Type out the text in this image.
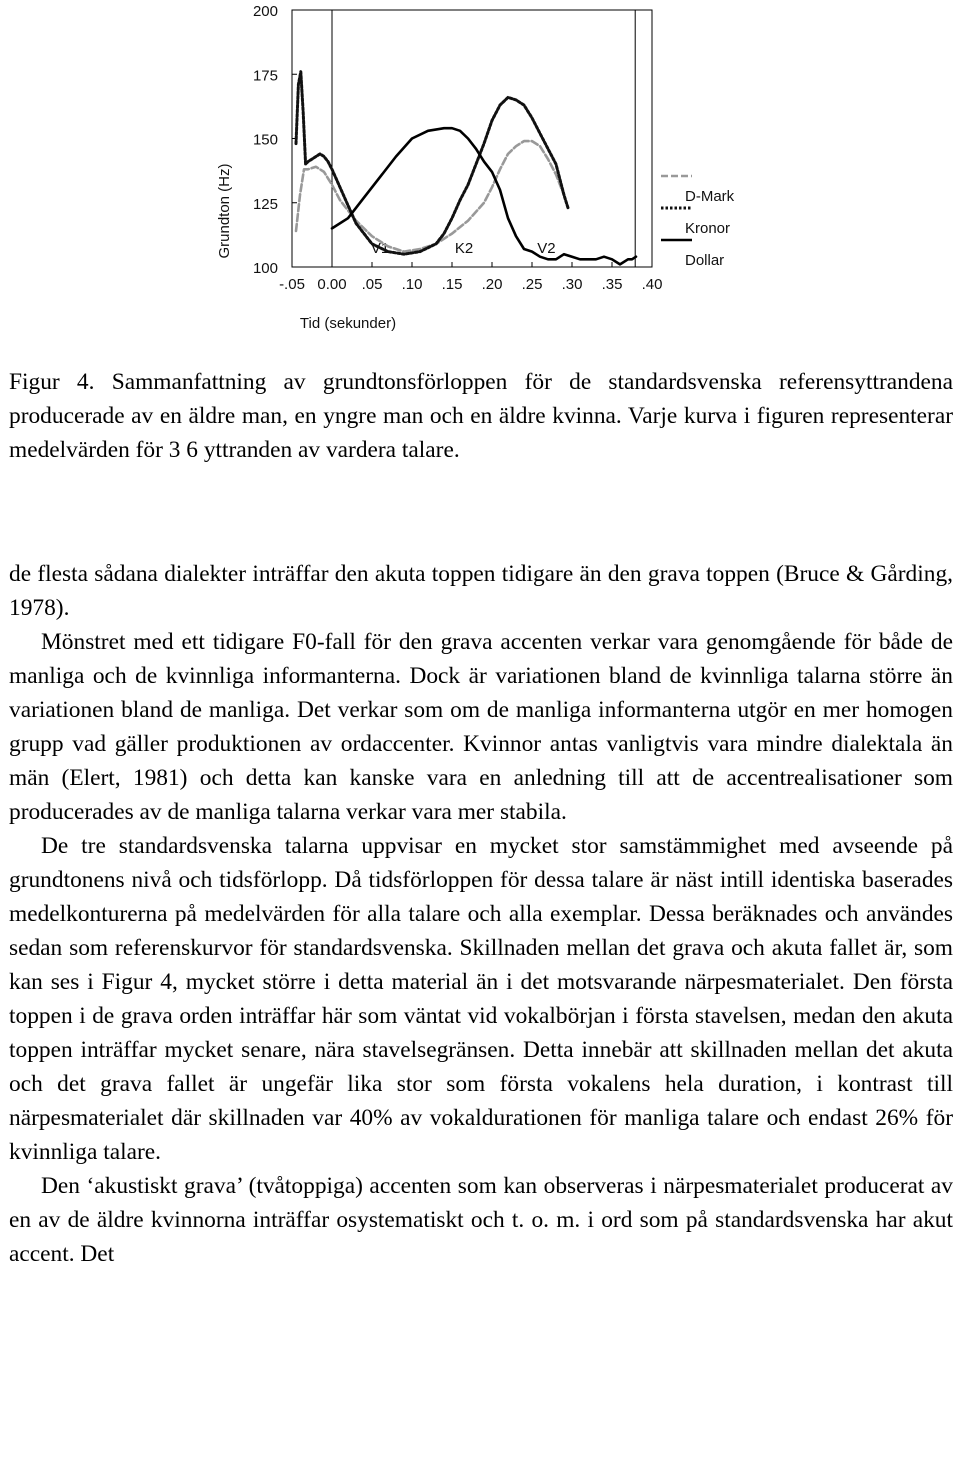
100
125
150
175
200
-.05 0.00 .05 .10 .15 .20 .25 .30 .35 .40
Grundton (Hz)
Tid (sekunder)
V1	K2	V2
D-Mark
Kronor
Dollar

Figur 4. Sammanfattning av grundtonsförloppen för de standardsvenska referensyttrandena producerade av en äldre man, en yngre man och en äldre kvinna. Varje kurva i figuren representerar medelvärden för 3 6 yttranden av vardera talare.

de flesta sådana dialekter inträffar den akuta toppen tidigare än den grava toppen (Bruce & Gårding, 1978).

Mönstret med ett tidigare F0-fall för den grava accenten verkar vara genomgående för både de manliga och de kvinnliga informanterna. Dock är variationen bland de kvinnliga talarna större än variationen bland de manliga. Det verkar som om de manliga informanterna utgör en mer homogen grupp vad gäller produktionen av ordaccenter. Kvinnor antas vanligtvis vara mindre dialektala än män (Elert, 1981) och detta kan kanske vara en anledning till att de accentrealisationer som producerades av de manliga talarna verkar vara mer stabila.

De tre standardsvenska talarna uppvisar en mycket stor samstämmighet med avseende på grundtonens nivå och tidsförlopp. Då tidsförloppen för dessa talare är näst intill identiska baserades medelkonturerna på medelvärden för alla talare och alla exemplar. Dessa beräknades och användes sedan som referenskurvor för standardsvenska. Skillnaden mellan det grava och akuta fallet är, som kan ses i Figur 4, mycket större i detta material än i det motsvarande närpesmaterialet. Den första toppen i de grava orden inträffar här som väntat vid vokalbörjan i första stavelsen, medan den akuta toppen inträffar mycket senare, nära stavelsegränsen. Detta innebär att skillnaden mellan det akuta och det grava fallet är ungefär lika stor som första vokalens hela duration, i kontrast till närpesmaterialet där skillnaden var 40% av vokaldurationen för manliga talare och endast 26% för kvinnliga talare.

Den ‘akustiskt grava’ (tvåtoppiga) accenten som kan observeras i närpesmaterialet producerat av en av de äldre kvinnorna inträffar osystematiskt och t. o. m. i ord som på standardsvenska har akut accent. Det
